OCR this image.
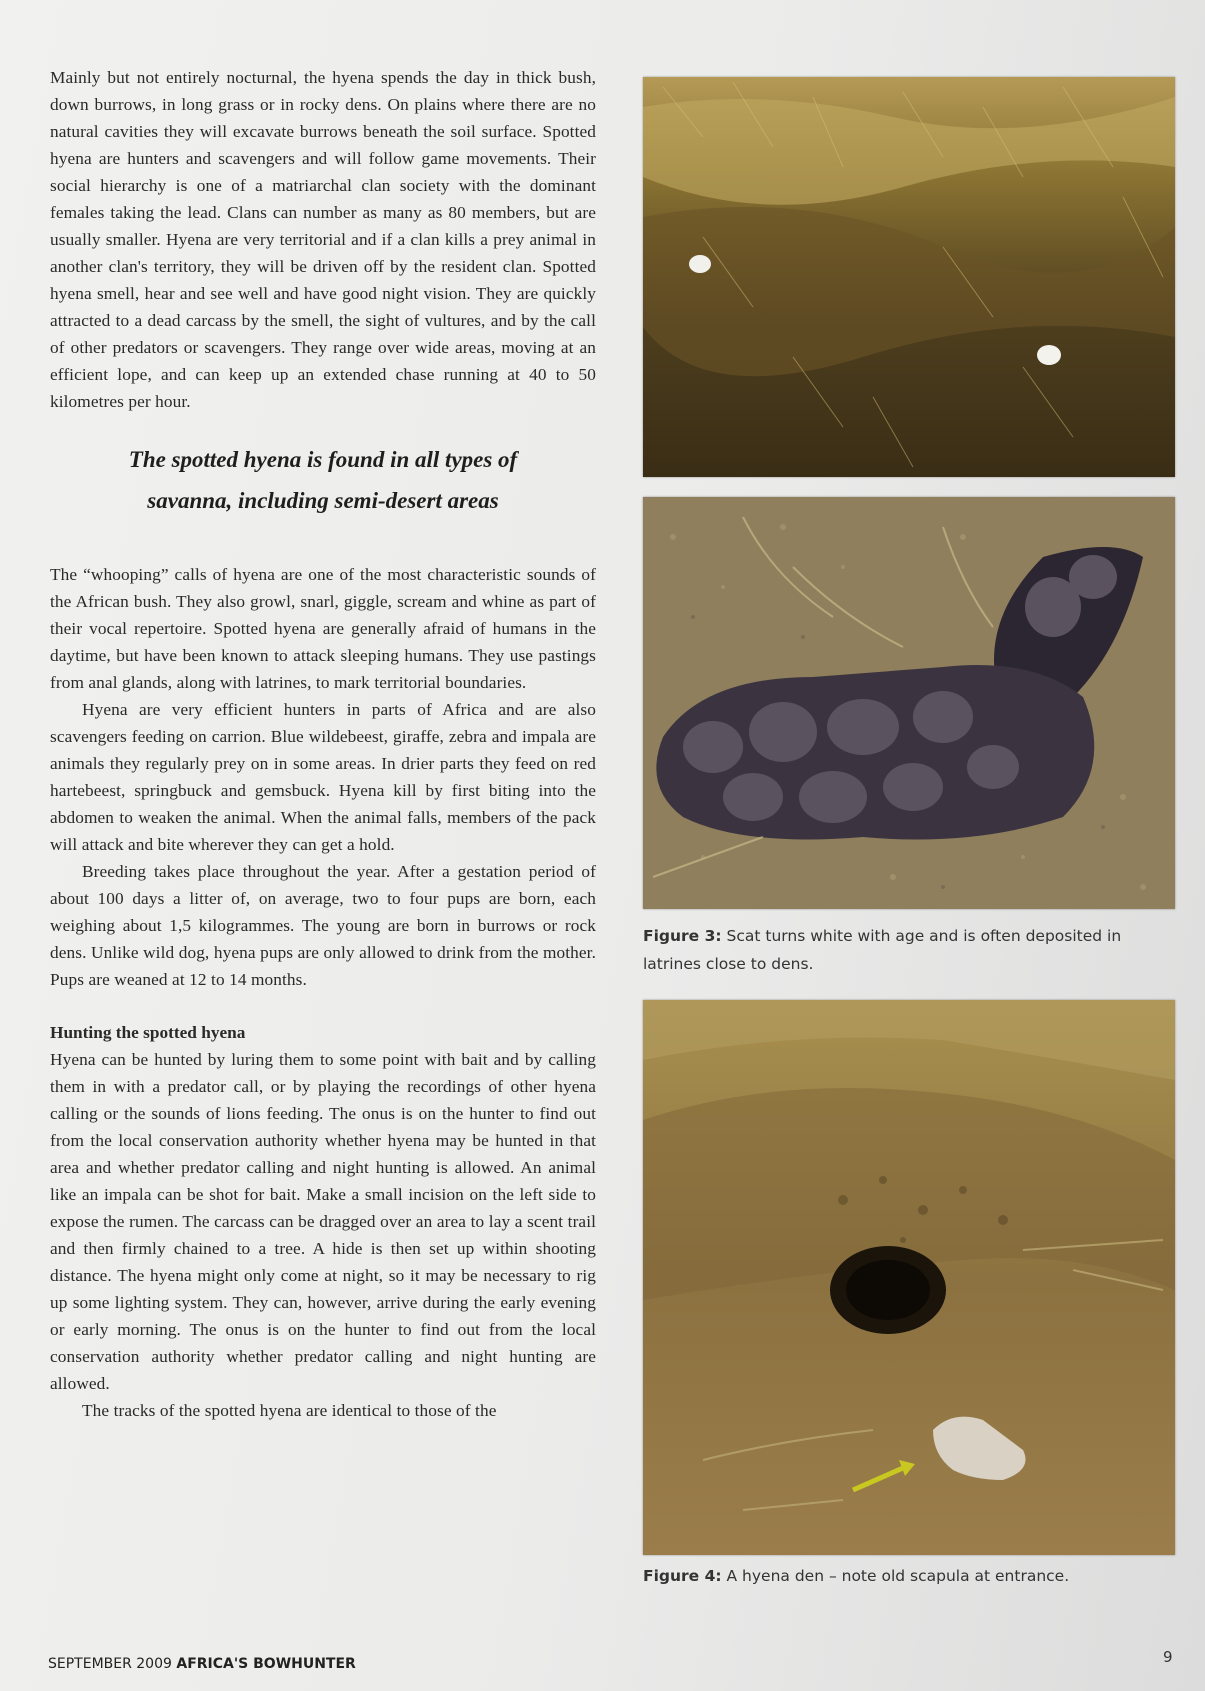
Mainly but not entirely nocturnal, the hyena spends the day in thick bush, down burrows, in long grass or in rocky dens. On plains where there are no natural cavities they will excavate burrows beneath the soil surface. Spotted hyena are hunters and scavengers and will follow game movements. Their social hierarchy is one of a matriarchal clan society with the dominant females taking the lead. Clans can number as many as 80 members, but are usually smaller. Hyena are very territorial and if a clan kills a prey animal in another clan's territory, they will be driven off by the resident clan. Spotted hyena smell, hear and see well and have good night vision. They are quickly attracted to a dead carcass by the smell, the sight of vultures, and by the call of other predators or scavengers. They range over wide areas, moving at an efficient lope, and can keep up an extended chase running at 40 to 50 kilometres per hour.

The spotted hyena is found in all types of
savanna, including semi-desert areas

The “whooping” calls of hyena are one of the most characteristic sounds of the African bush. They also growl, snarl, giggle, scream and whine as part of their vocal repertoire. Spotted hyena are generally afraid of humans in the daytime, but have been known to attack sleeping humans. They use pastings from anal glands, along with latrines, to mark territorial boundaries.

Hyena are very efficient hunters in parts of Africa and are also scavengers feeding on carrion. Blue wildebeest, giraffe, zebra and impala are animals they regularly prey on in some areas. In drier parts they feed on red hartebeest, springbuck and gemsbuck. Hyena kill by first biting into the abdomen to weaken the animal. When the animal falls, members of the pack will attack and bite wherever they can get a hold.

Breeding takes place throughout the year. After a gestation period of about 100 days a litter of, on average, two to four pups are born, each weighing about 1,5 kilogrammes. The young are born in burrows or rock dens. Unlike wild dog, hyena pups are only allowed to drink from the mother. Pups are weaned at 12 to 14 months.

Hunting the spotted hyena

Hyena can be hunted by luring them to some point with bait and by calling them in with a predator call, or by playing the recordings of other hyena calling or the sounds of lions feeding. The onus is on the hunter to find out from the local conservation authority whether hyena may be hunted in that area and whether predator calling and night hunting is allowed. An animal like an impala can be shot for bait. Make a small incision on the left side to expose the rumen. The carcass can be dragged over an area to lay a scent trail and then firmly chained to a tree. A hide is then set up within shooting distance. The hyena might only come at night, so it may be necessary to rig up some lighting system. They can, however, arrive during the early evening or early morning. The onus is on the hunter to find out from the local conservation authority whether predator calling and night hunting are allowed.

The tracks of the spotted hyena are identical to those of the

Figure 3: Scat turns white with age and is often deposited in latrines close to dens.
Figure 4: A hyena den – note old scapula at entrance.
SEPTEMBER 2009 AFRICA'S BOWHUNTER	9
